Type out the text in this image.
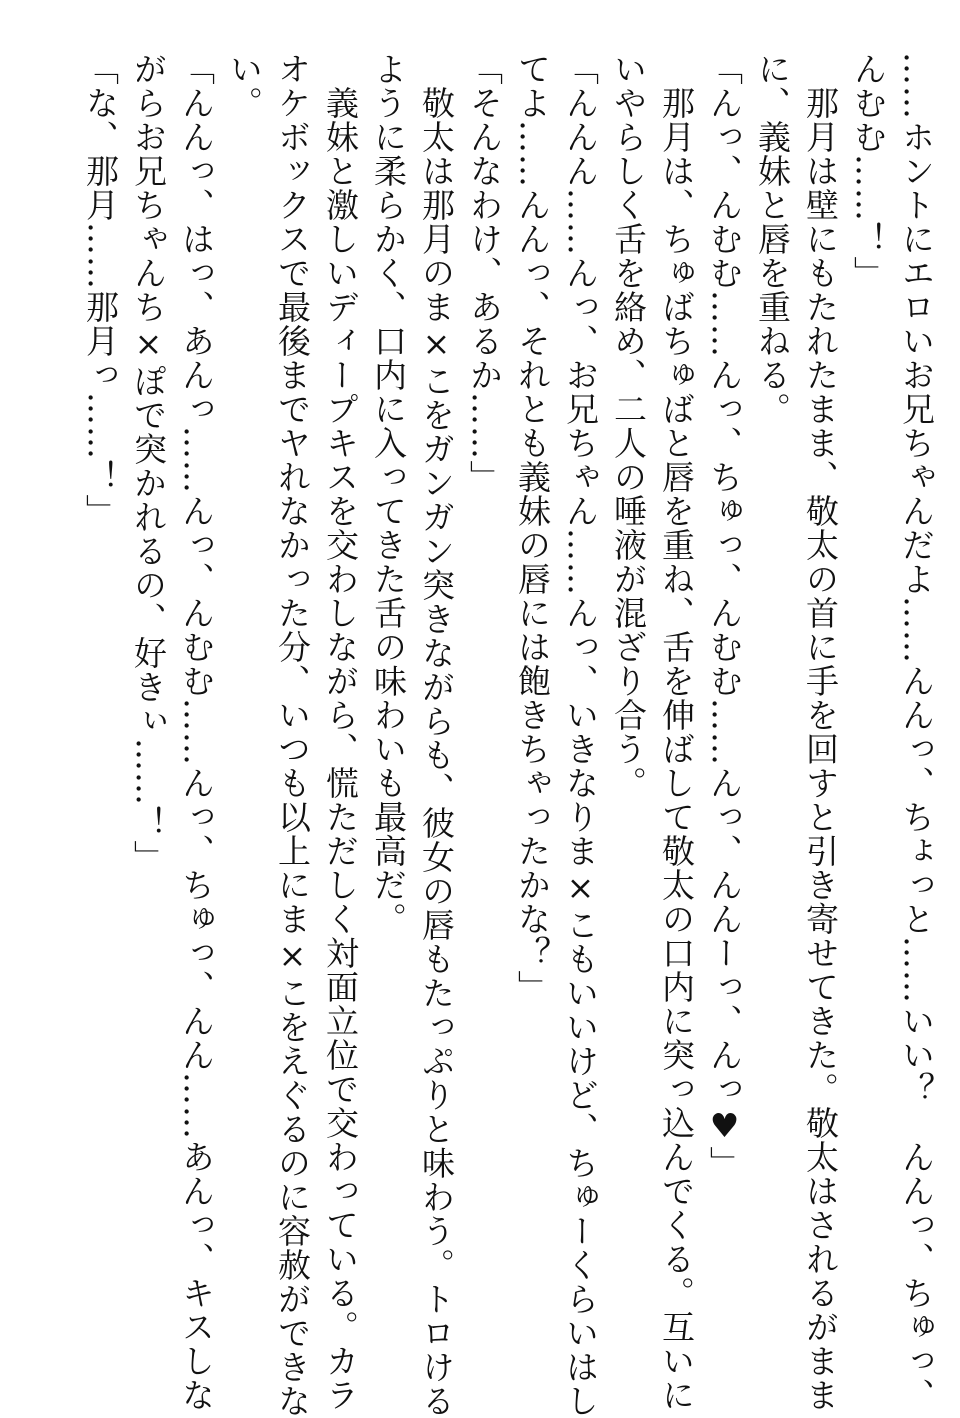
……ホントにエロいお兄ちゃんだよ……んんっ、ちょっと……いい？　んんっ、ちゅっ、
んむむ……！」
　那月は壁にもたれたまま、敬太の首に手を回すと引き寄せてきた。敬太はされるがまま
に、義妹と唇を重ねる。
「んっ、んむむ……んっ、ちゅっ、んむむ……んっ、んんーっ、んっ♥」
　那月は、ちゅばちゅばと唇を重ね、舌を伸ばして敬太の口内に突っ込んでくる。互いに
いやらしく舌を絡め、二人の唾液が混ざり合う。
「んんん……んっ、お兄ちゃん……んっ、いきなりま×こもいいけど、ちゅーくらいはし
てよ……んんっ、それとも義妹の唇には飽きちゃったかな？」
「そんなわけ、あるか……」
　敬太は那月のま×こをガンガン突きながらも、彼女の唇もたっぷりと味わう。トロける
ように柔らかく、口内に入ってきた舌の味わいも最高だ。
　義妹と激しいディープキスを交わしながら、慌ただしく対面立位で交わっている。カラ
オケボックスで最後までヤれなかった分、いつも以上にま×こをえぐるのに容赦ができな
い。
「んんっ、はっ、あんっ……んっ、んむむ……んっ、ちゅっ、んん……あんっ、キスしな
がらお兄ちゃんち×ぽで突かれるの、好きぃ……！」
「な、那月……那月っ……！」
